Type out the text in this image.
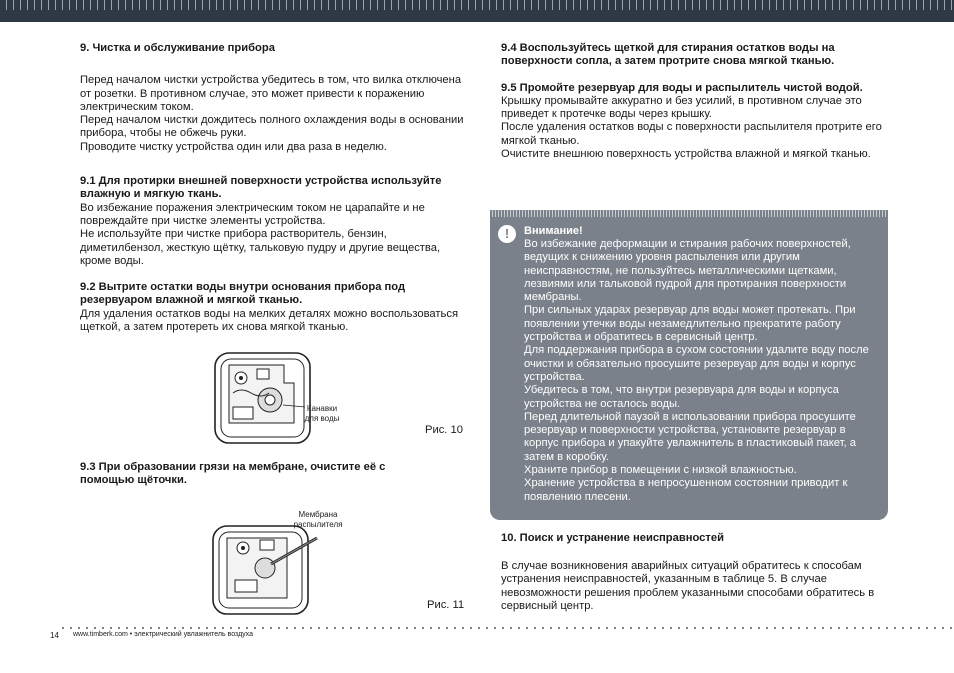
9. Чистка и обслуживание прибора
Перед началом чистки устройства убедитесь в том, что вилка отключена от розетки. В противном случае, это может привести к поражению электрическим током.
Перед началом чистки дождитесь полного охлаждения воды в основании прибора, чтобы не обжечь руки.
Проводите чистку устройства один или два раза в неделю.
9.1 Для протирки внешней поверхности устройства используйте влажную и мягкую ткань.
Во избежание поражения электрическим током не царапайте и не повреждайте при чистке элементы устройства.
Не используйте при чистке прибора растворитель, бензин, диметилбензол, жесткую щётку, тальковую пудру и другие вещества, кроме воды.
9.2 Вытрите остатки воды внутри основания прибора под резервуаром влажной и мягкой тканью.
Для удаления остатков воды на мелких деталях можно воспользоваться щеткой, а затем протереть их снова мягкой тканью.
Канавки для воды
Рис. 10
9.3 При образовании грязи на мембране, очистите её с помощью щёточки.
Мембрана распылителя
Рис. 11
9.4 Воспользуйтесь щеткой для стирания остатков воды на поверхности сопла, а затем протрите снова мягкой тканью.
9.5 Промойте резервуар для воды и распылитель чистой водой.
Крышку промывайте аккуратно и без усилий, в противном случае это приведет к протечке воды через крышку.
После удаления остатков воды с поверхности распылителя протрите его мягкой тканью.
Очистите внешнюю поверхность устройства влажной и мягкой тканью.
!	Внимание!
Во избежание деформации и стирания рабочих поверхностей, ведущих к снижению уровня распыления или другим неисправностям, не пользуйтесь металлическими щетками, лезвиями или тальковой пудрой для протирания поверхности мембраны.
При сильных ударах резервуар для воды может протекать. При появлении утечки воды незамедлительно прекратите работу устройства и обратитесь в сервисный центр.
Для поддержания прибора в сухом состоянии удалите воду после очистки и обязательно просушите резервуар для воды и корпус устройства.
Убедитесь в том, что внутри резервуара для воды и корпуса устройства не осталось воды.
Перед длительной паузой в использовании прибора просушите резервуар и поверхности устройства, установите резервуар в корпус прибора и упакуйте увлажнитель в пластиковый пакет, а затем в коробку.
Храните прибор в помещении с низкой влажностью.
Хранение устройства в непросушенном состоянии приводит к появлению плесени.
10. Поиск и устранение неисправностей
В случае возникновения аварийных ситуаций обратитесь к способам устранения неисправностей, указанным в таблице 5. В случае невозможности решения проблем указанными способами обратитесь в сервисный центр.
14 www.timberk.com • электрический увлажнитель воздуха
